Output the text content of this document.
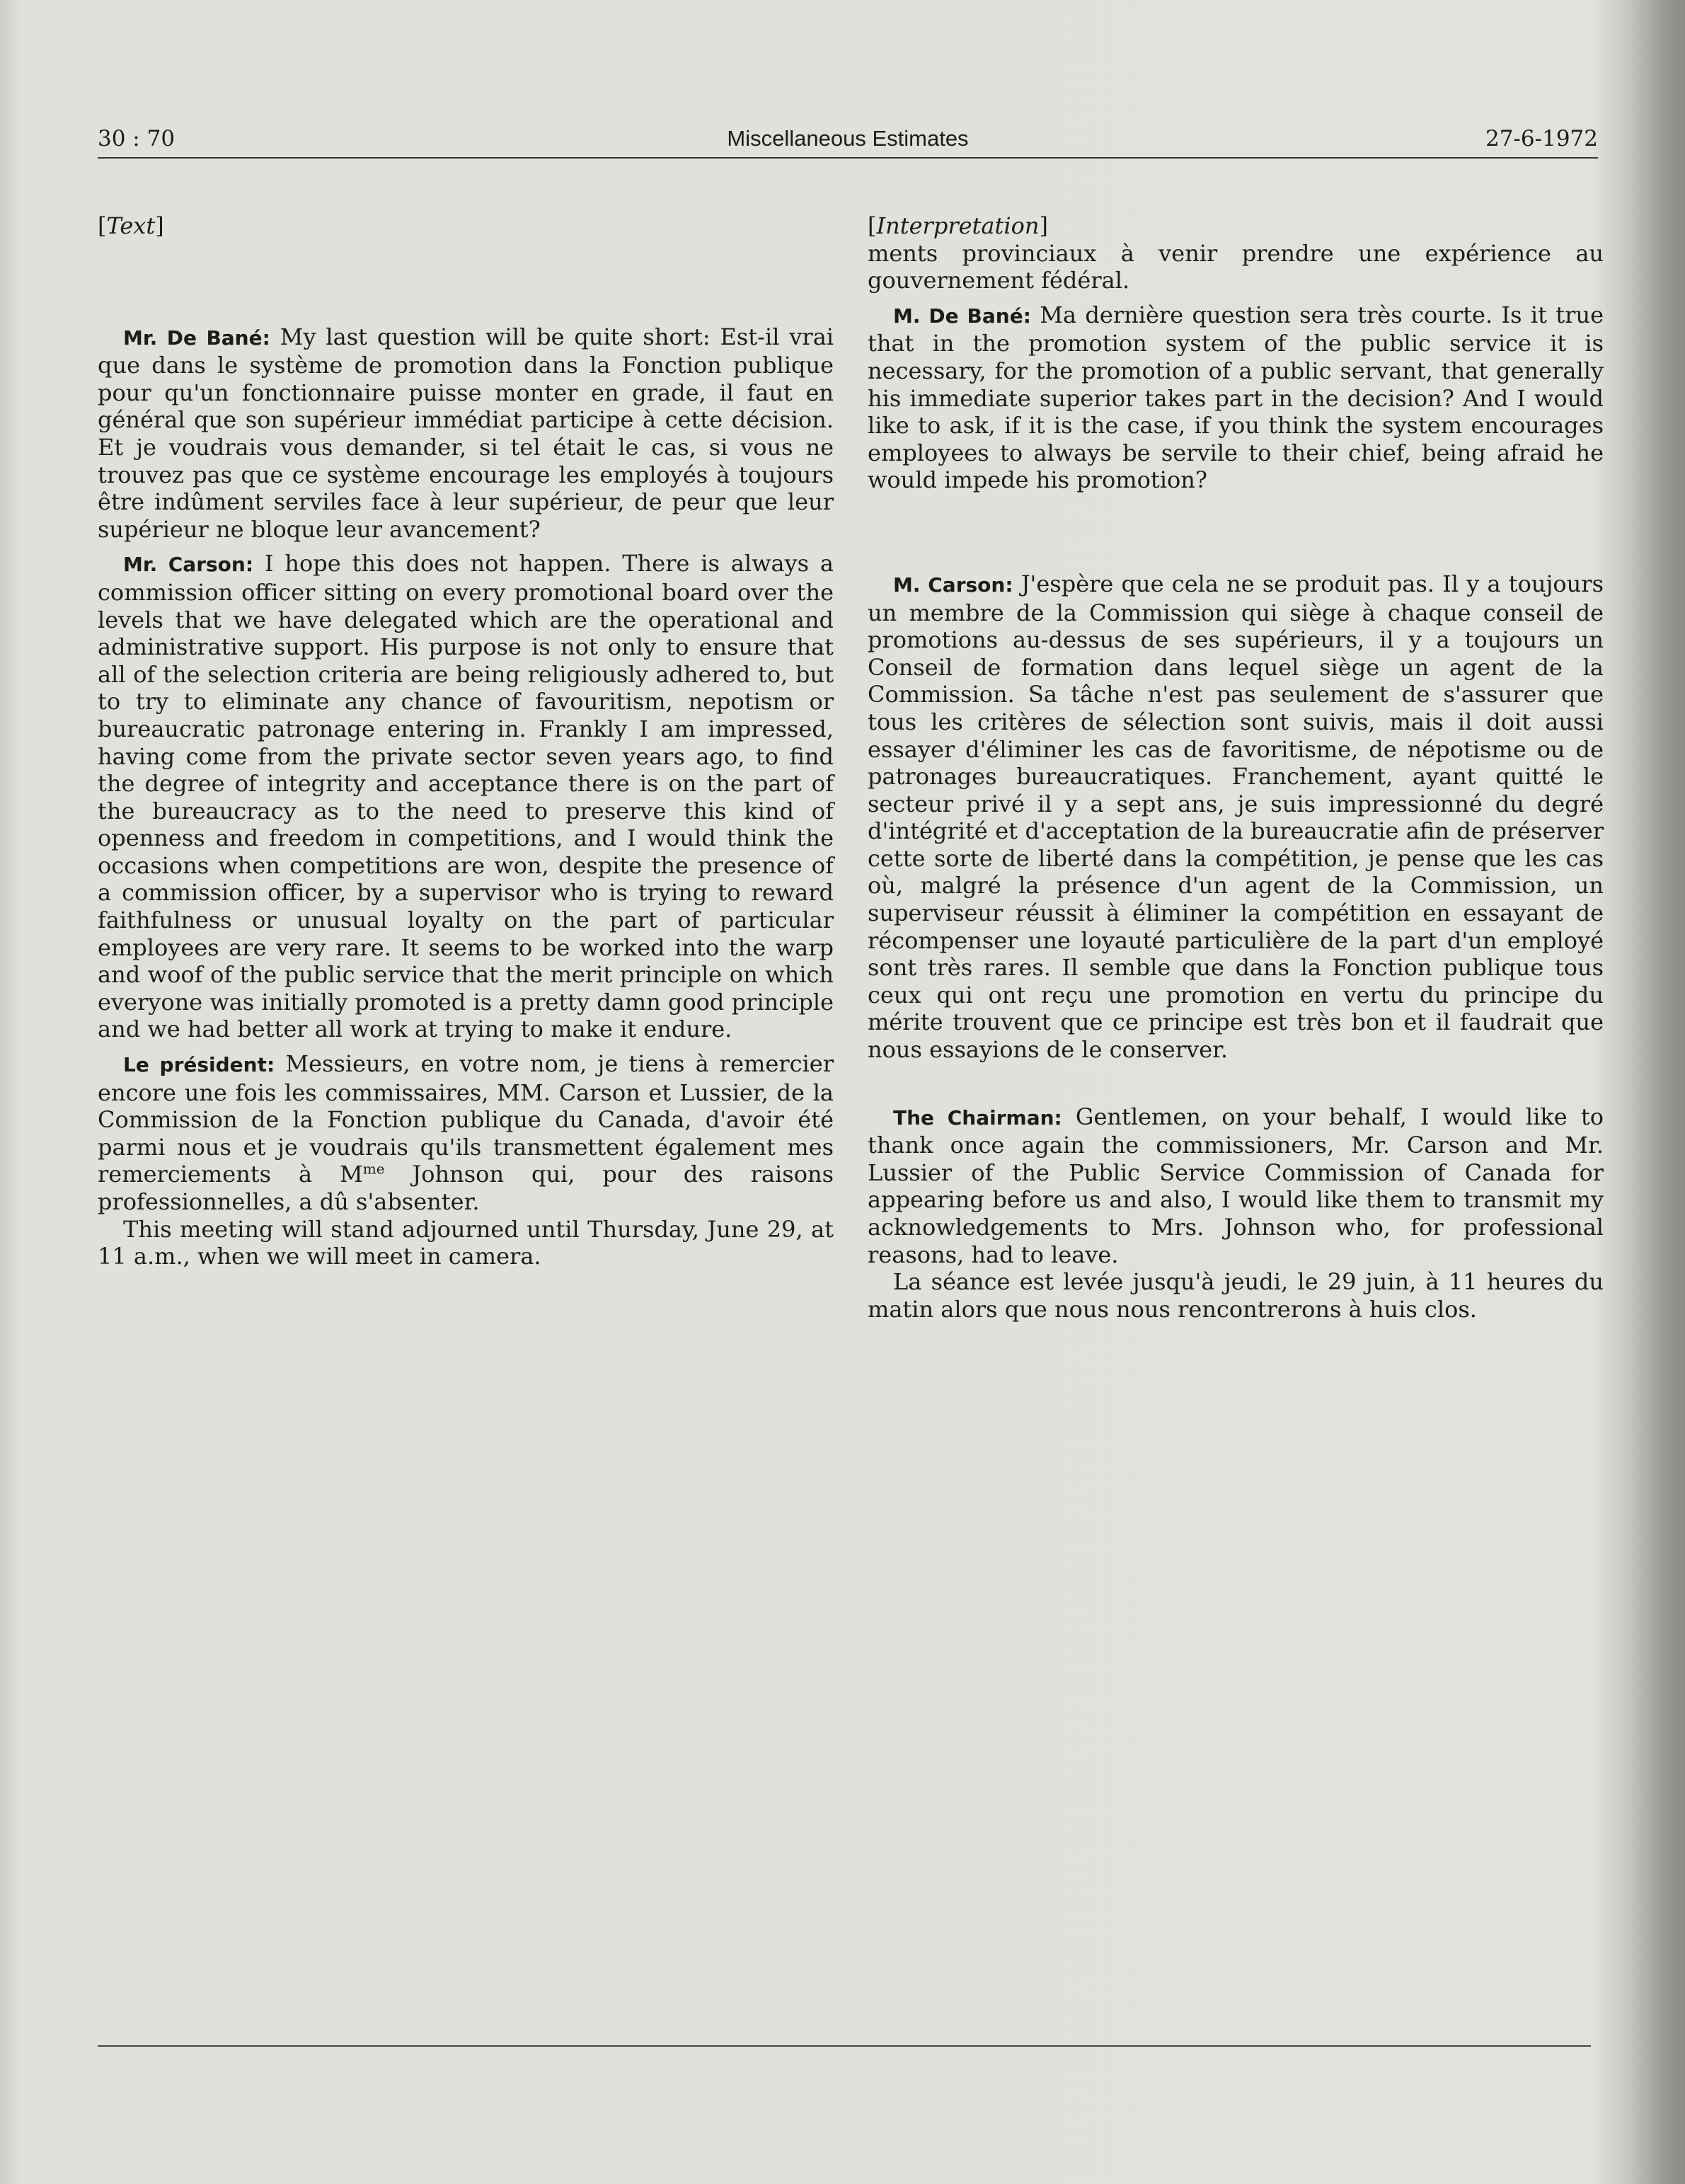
30 : 70	Miscellaneous Estimates	27-6-1972

[Text]

Mr. De Bané: My last question will be quite short: Est-il vrai que dans le système de promotion dans la Fonction publique pour qu'un fonctionnaire puisse monter en grade, il faut en général que son supérieur immédiat participe à cette décision. Et je voudrais vous demander, si tel était le cas, si vous ne trouvez pas que ce système encourage les employés à toujours être indûment serviles face à leur supérieur, de peur que leur supérieur ne bloque leur avancement?

Mr. Carson: I hope this does not happen. There is always a commission officer sitting on every promotional board over the levels that we have delegated which are the operational and administrative support. His purpose is not only to ensure that all of the selection criteria are being religiously adhered to, but to try to eliminate any chance of favouritism, nepotism or bureaucratic patronage entering in. Frankly I am impressed, having come from the private sector seven years ago, to find the degree of integrity and acceptance there is on the part of the bureaucracy as to the need to preserve this kind of openness and freedom in competitions, and I would think the occasions when competitions are won, despite the presence of a commission officer, by a supervisor who is trying to reward faithfulness or unusual loyalty on the part of particular employees are very rare. It seems to be worked into the warp and woof of the public service that the merit principle on which everyone was initially promoted is a pretty damn good principle and we had better all work at trying to make it endure.

Le président: Messieurs, en votre nom, je tiens à remercier encore une fois les commissaires, MM. Carson et Lussier, de la Commission de la Fonction publique du Canada, d'avoir été parmi nous et je voudrais qu'ils transmettent également mes remerciements à $M^{me}$ Johnson qui, pour des raisons professionnelles, a dû s'absenter.

This meeting will stand adjourned until Thursday, June 29, at 11 a.m., when we will meet in camera.

[Interpretation]

ments provinciaux à venir prendre une expérience au gouvernement fédéral.

M. De Bané: Ma dernière question sera très courte. Is it true that in the promotion system of the public service it is necessary, for the promotion of a public servant, that generally his immediate superior takes part in the decision? And I would like to ask, if it is the case, if you think the system encourages employees to always be servile to their chief, being afraid he would impede his promotion?

M. Carson: J'espère que cela ne se produit pas. Il y a toujours un membre de la Commission qui siège à chaque conseil de promotions au-dessus de ses supérieurs, il y a toujours un Conseil de formation dans lequel siège un agent de la Commission. Sa tâche n'est pas seulement de s'assurer que tous les critères de sélection sont suivis, mais il doit aussi essayer d'éliminer les cas de favoritisme, de népotisme ou de patronages bureaucratiques. Franchement, ayant quitté le secteur privé il y a sept ans, je suis impressionné du degré d'intégrité et d'acceptation de la bureaucratie afin de préserver cette sorte de liberté dans la compétition, je pense que les cas où, malgré la présence d'un agent de la Commission, un superviseur réussit à éliminer la compétition en essayant de récompenser une loyauté particulière de la part d'un employé sont très rares. Il semble que dans la Fonction publique tous ceux qui ont reçu une promotion en vertu du principe du mérite trouvent que ce principe est très bon et il faudrait que nous essayions de le conserver.

The Chairman: Gentlemen, on your behalf, I would like to thank once again the commissioners, Mr. Carson and Mr. Lussier of the Public Service Commission of Canada for appearing before us and also, I would like them to transmit my acknowledgements to Mrs. Johnson who, for professional reasons, had to leave.

La séance est levée jusqu'à jeudi, le 29 juin, à 11 heures du matin alors que nous nous rencontrerons à huis clos.
